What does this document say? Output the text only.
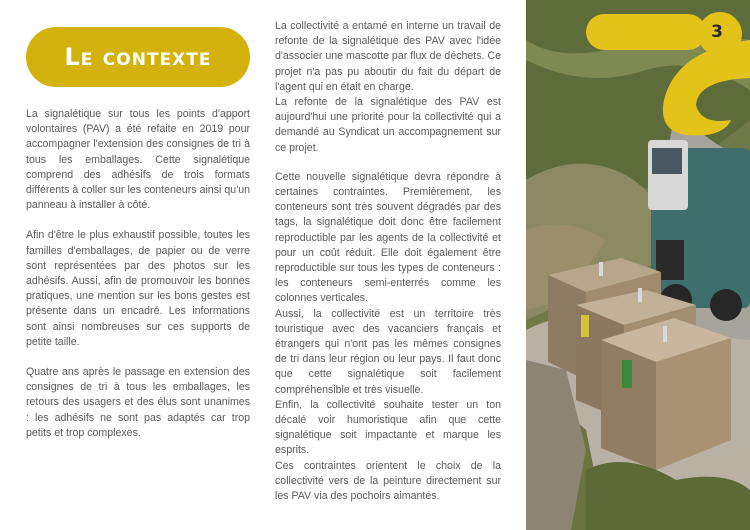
Le contexte

La signalétique sur tous les points d'apport volontaires (PAV) a été refaite en 2019 pour accompagner l'extension des consignes de tri à tous les emballages. Cette signalétique comprend des adhésifs de trois formats différents à coller sur les conteneurs ainsi qu'un panneau à installer à côté.

Afin d'être le plus exhaustif possible, toutes les familles d'emballages, de papier ou de verre sont représentées par des photos sur les adhésifs. Aussi, afin de promouvoir les bonnes pratiques, une mention sur les bons gestes est présente dans un encadré. Les informations sont ainsi nombreuses sur ces supports de petite taille.

Quatre ans après le passage en extension des consignes de tri à tous les emballages, les retours des usagers et des élus sont unanimes : les adhésifs ne sont pas adaptés car trop petits et trop complexes.

La collectivité a entamé en interne un travail de refonte de la signalétique des PAV avec l'idée d'associer une mascotte par flux de déchets. Ce projet n'a pas pu aboutir du fait du départ de l'agent qui en était en charge.

La refonte de la signalétique des PAV est aujourd'hui une priorité pour la collectivité qui a demandé au Syndicat un accompagnement sur ce projet.

Cette nouvelle signalétique devra répondre à certaines contraintes. Premièrement, les conteneurs sont très souvent dégradés par des tags, la signalétique doit donc être facilement reproductible par les agents de la collectivité et pour un coût réduit. Elle doit également être reproductible sur tous les types de conteneurs : les conteneurs semi-enterrés comme les colonnes verticales.

Aussi, la collectivité est un territoire très touristique avec des vacanciers français et étrangers qui n'ont pas les mêmes consignes de tri dans leur région ou leur pays. Il faut donc que cette signalétique soit facilement compréhensible et très visuelle.

Enfin, la collectivité souhaite tester un ton décalé voir humoristique afin que cette signalétique soit impactante et marque les esprits.

Ces contraintes orientent le choix de la collectivité vers de la peinture directement sur les PAV via des pochoirs aimantés.

3
